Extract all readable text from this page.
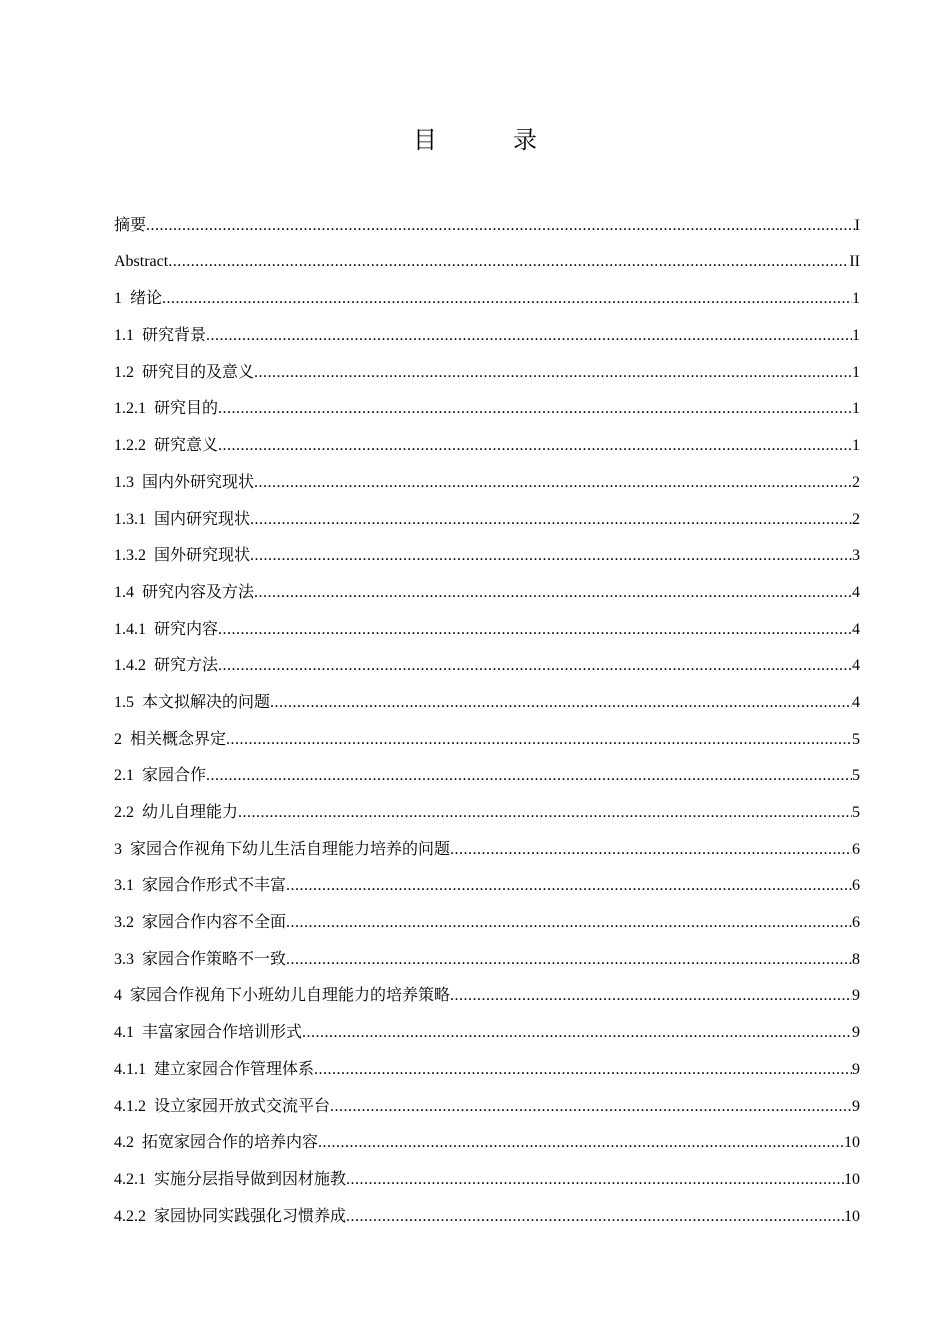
目　录
摘要 .....	I
Abstract .....	II
1 绪论 .....	1
1.1 研究背景 .....	1
1.2 研究目的及意义 .....	1
1.2.1 研究目的 .....	1
1.2.2 研究意义 .....	1
1.3 国内外研究现状 .....	2
1.3.1 国内研究现状 .....	2
1.3.2 国外研究现状 .....	3
1.4 研究内容及方法 .....	4
1.4.1 研究内容 .....	4
1.4.2 研究方法 .....	4
1.5 本文拟解决的问题 .....	4
2 相关概念界定 .....	5
2.1 家园合作 .....	5
2.2 幼儿自理能力 .....	5
3 家园合作视角下幼儿生活自理能力培养的问题 .....	6
3.1 家园合作形式不丰富 .....	6
3.2 家园合作内容不全面 .....	6
3.3 家园合作策略不一致 .....	8
4 家园合作视角下小班幼儿自理能力的培养策略 .....	9
4.1 丰富家园合作培训形式 .....	9
4.1.1 建立家园合作管理体系 .....	9
4.1.2 设立家园开放式交流平台 .....	9
4.2 拓宽家园合作的培养内容 .....	10
4.2.1 实施分层指导做到因材施教 .....	10
4.2.2 家园协同实践强化习惯养成 .....	10
